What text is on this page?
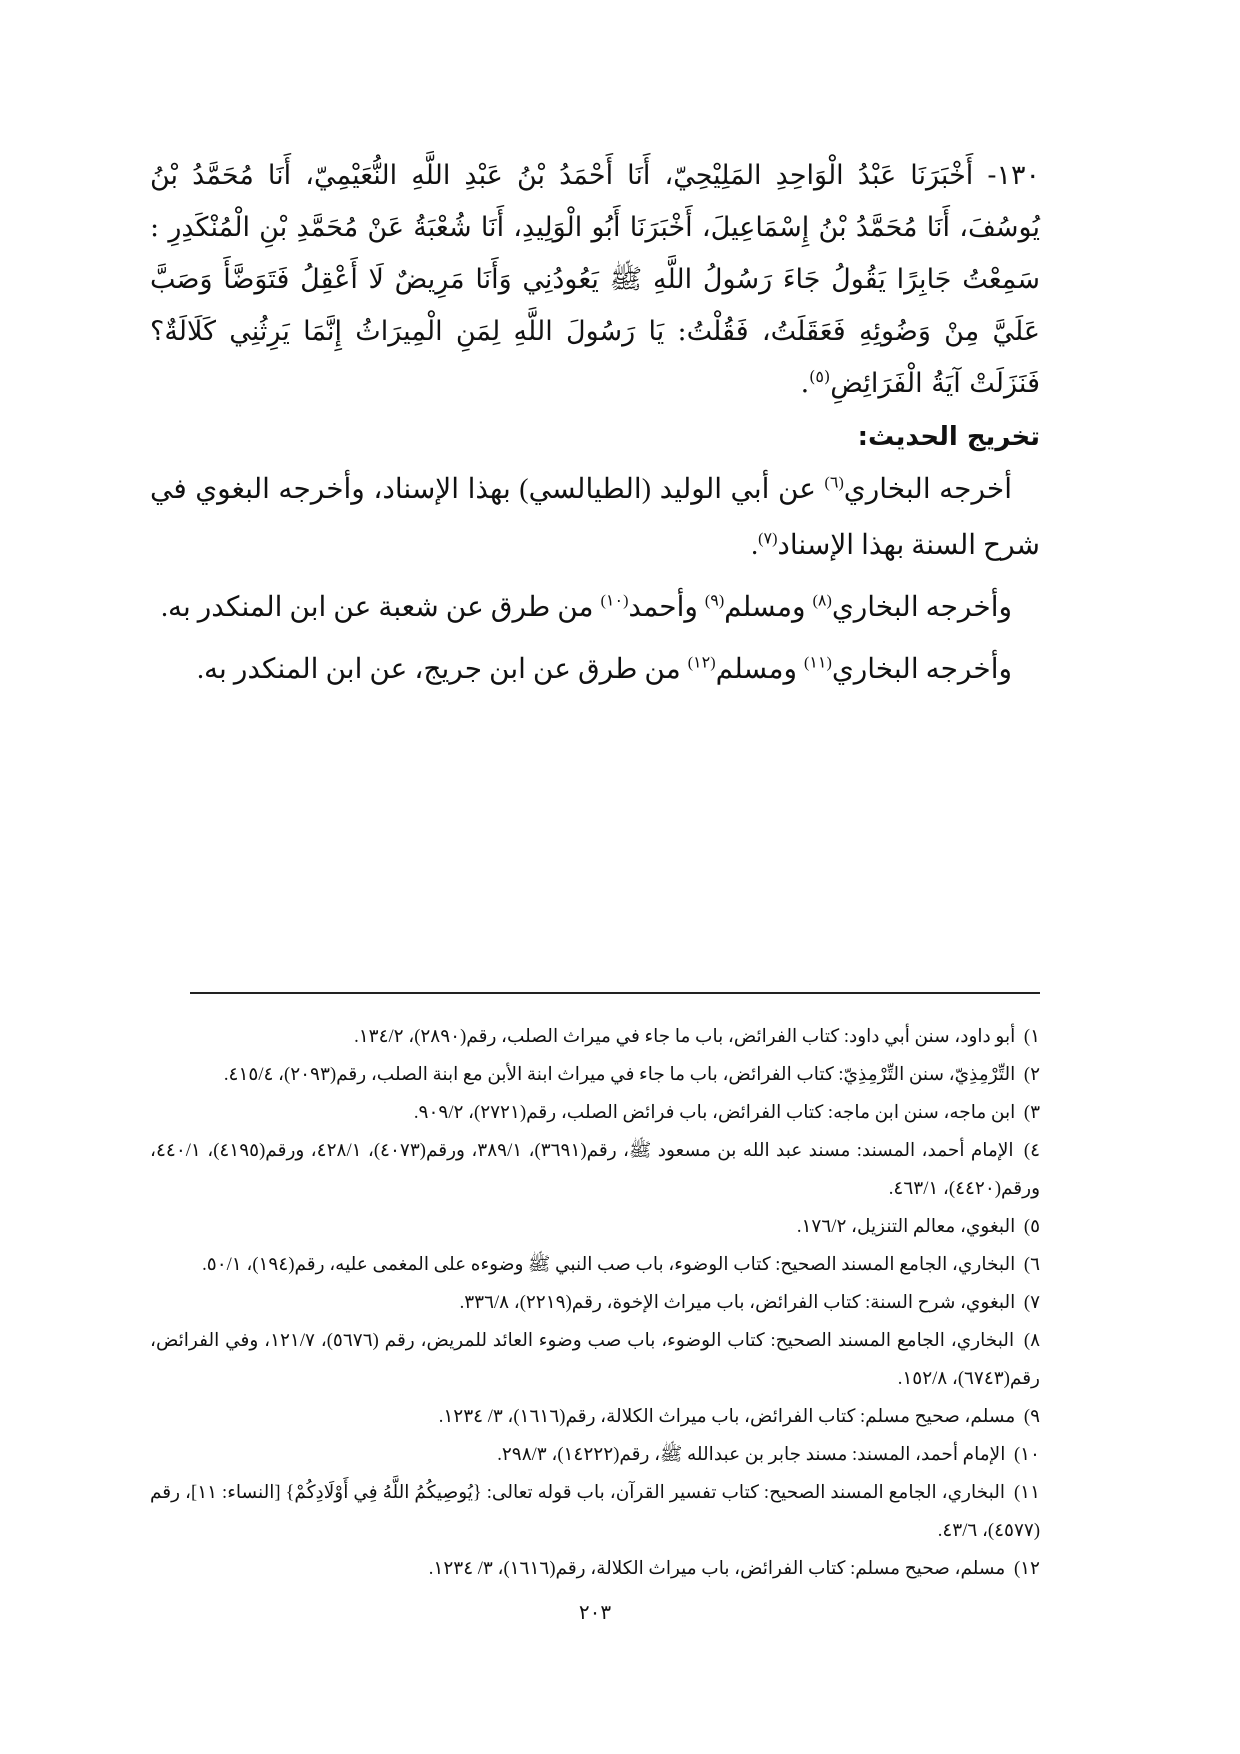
١٣٠- أَخْبَرَنَا عَبْدُ الْوَاحِدِ المَلِيْحِيّ، أَنَا أَحْمَدُ بْنُ عَبْدِ اللَّهِ النُّعَيْمِيّ، أَنَا مُحَمَّدُ بْنُ يُوسُفَ، أَنَا مُحَمَّدُ بْنُ إِسْمَاعِيلَ، أَخْبَرَنَا أَبُو الْوَلِيدِ، أَنَا شُعْبَةُ عَنْ مُحَمَّدِ بْنِ الْمُنْكَدِرِ : سَمِعْتُ جَابِرًا يَقُولُ جَاءَ رَسُولُ اللَّهِ ﷺ يَعُودُنِي وَأَنَا مَرِيضٌ لَا أَعْقِلُ فَتَوَضَّأَ وَصَبَّ عَلَيَّ مِنْ وَضُوئِهِ فَعَقَلَتُ، فَقُلْتُ: يَا رَسُولَ اللَّهِ لِمَنِ الْمِيرَاثُ إِنَّمَا يَرِثُنِي كَلَالَةٌ؟ فَنَزَلَتْ آيَةُ الْفَرَائِضِ$^{(٥)}$.

تخريج الحديث:

أخرجه البخاري$^{(٦)}$ عن أبي الوليد (الطيالسي) بهذا الإسناد، وأخرجه البغوي في شرح السنة بهذا الإسناد$^{(٧)}$.

وأخرجه البخاري$^{(٨)}$ ومسلم$^{(٩)}$ وأحمد$^{(١٠)}$ من طرق عن شعبة عن ابن المنكدر به.

وأخرجه البخاري$^{(١١)}$ ومسلم$^{(١٢)}$ من طرق عن ابن جريج، عن ابن المنكدر به.

١) أبو داود، سنن أبي داود: كتاب الفرائض، باب ما جاء في ميراث الصلب، رقم(٢٨٩٠)، ١٣٤/٢.
٢) التِّرْمِذِيّ، سنن التِّرْمِذِيّ: كتاب الفرائض، باب ما جاء في ميراث ابنة الأبن مع ابنة الصلب، رقم(٢٠٩٣)، ٤١٥/٤.
٣) ابن ماجه، سنن ابن ماجه: كتاب الفرائض، باب فرائض الصلب، رقم(٢٧٢١)، ٩٠٩/٢.
٤) الإمام أحمد، المسند: مسند عبد الله بن مسعود ﷺ، رقم(٣٦٩١)، ٣٨٩/١، ورقم(٤٠٧٣)، ٤٢٨/١، ورقم(٤١٩٥)، ٤٤٠/١، ورقم(٤٤٢٠)، ٤٦٣/١.
٥) البغوي، معالم التنزيل، ١٧٦/٢.
٦) البخاري، الجامع المسند الصحيح: كتاب الوضوء، باب صب النبي ﷺ وضوءه على المغمى عليه، رقم(١٩٤)، ٥٠/١.
٧) البغوي، شرح السنة: كتاب الفرائض، باب ميراث الإخوة، رقم(٢٢١٩)، ٣٣٦/٨.
٨) البخاري، الجامع المسند الصحيح: كتاب الوضوء، باب صب وضوء العائد للمريض، رقم (٥٦٧٦)، ١٢١/٧، وفي الفرائض، رقم(٦٧٤٣)، ١٥٢/٨.
٩) مسلم، صحيح مسلم: كتاب الفرائض، باب ميراث الكلالة، رقم(١٦١٦)، ٣/ ١٢٣٤.
١٠) الإمام أحمد، المسند: مسند جابر بن عبدالله ﷺ، رقم(١٤٢٢٢)، ٢٩٨/٣.
١١) البخاري، الجامع المسند الصحيح: كتاب تفسير القرآن، باب قوله تعالى: {يُوصِيكُمُ اللَّهُ فِي أَوْلَادِكُمْ} [النساء: ١١]، رقم (٤٥٧٧)، ٤٣/٦.
١٢) مسلم، صحيح مسلم: كتاب الفرائض، باب ميراث الكلالة، رقم(١٦١٦)، ٣/ ١٢٣٤.
٢٠٣
